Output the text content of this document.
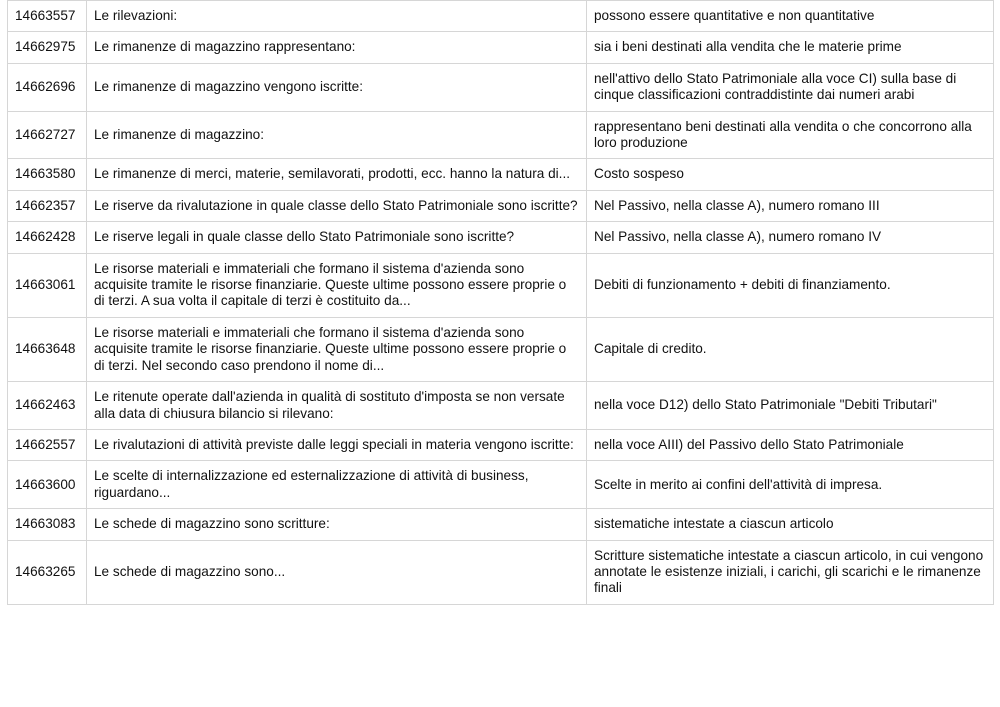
14663557	Le rilevazioni:	possono essere quantitative e non quantitative
14662975	Le rimanenze di magazzino rappresentano:	sia i beni destinati alla vendita che le materie prime
14662696	Le rimanenze di magazzino vengono iscritte:	nell'attivo dello Stato Patrimoniale alla voce CI) sulla base di cinque classificazioni contraddistinte dai numeri arabi
14662727	Le rimanenze di magazzino:	rappresentano beni destinati alla vendita o che concorrono alla loro produzione
14663580	Le rimanenze di merci, materie, semilavorati, prodotti, ecc. hanno la natura di...	Costo sospeso
14662357	Le riserve da rivalutazione in quale classe dello Stato Patrimoniale sono iscritte?	Nel Passivo, nella classe A), numero romano III
14662428	Le riserve legali in quale classe dello Stato Patrimoniale sono iscritte?	Nel Passivo, nella classe A), numero romano IV
14663061	Le risorse materiali e immateriali che formano il sistema d'azienda sono acquisite tramite le risorse finanziarie. Queste ultime possono essere proprie o di terzi. A sua volta il capitale di terzi è costituito da...	Debiti di funzionamento + debiti di finanziamento.
14663648	Le risorse materiali e immateriali che formano il sistema d'azienda sono acquisite tramite le risorse finanziarie. Queste ultime possono essere proprie o di terzi. Nel secondo caso prendono il nome di...	Capitale di credito.
14662463	Le ritenute operate dall'azienda in qualità di sostituto d'imposta se non versate alla data di chiusura bilancio si rilevano:	nella voce D12) dello Stato Patrimoniale "Debiti Tributari"
14662557	Le rivalutazioni di attività previste dalle leggi speciali in materia vengono iscritte:	nella voce AIII) del Passivo dello Stato Patrimoniale
14663600	Le scelte di internalizzazione ed esternalizzazione di attività di business, riguardano...	Scelte in merito ai confini dell'attività di impresa.
14663083	Le schede di magazzino sono scritture:	sistematiche intestate a ciascun articolo
14663265	Le schede di magazzino sono...	Scritture sistematiche intestate a ciascun articolo, in cui vengono annotate le esistenze iniziali, i carichi, gli scarichi e le rimanenze finali
